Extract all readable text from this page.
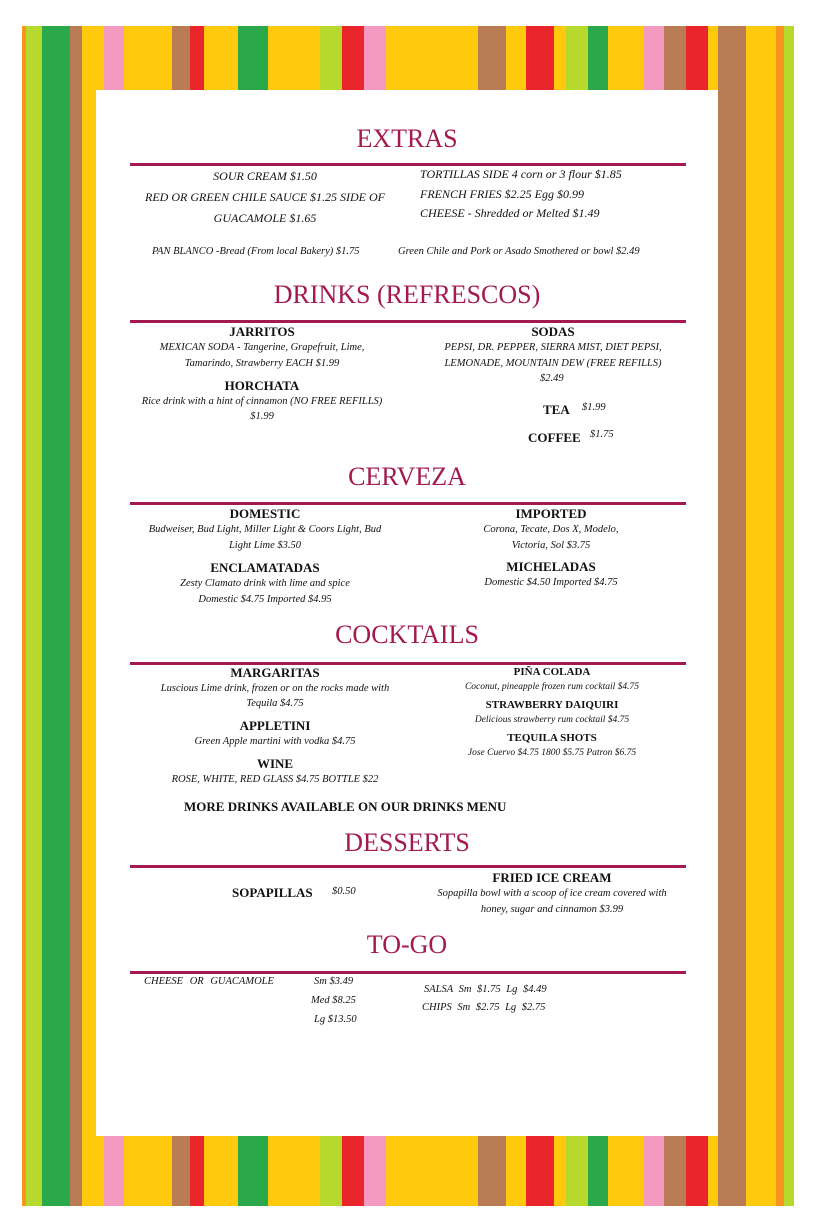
EXTRAS
SOUR CREAM $1.50
RED OR GREEN CHILE SAUCE $1.25 SIDE OF
GUACAMOLE $1.65
TORTILLAS SIDE 4 corn or 3 flour $1.85
FRENCH FRIES $2.25 Egg $0.99
CHEESE - Shredded or Melted $1.49
PAN BLANCO -Bread (From local Bakery) $1.75	Green Chile and Pork or Asado Smothered or bowl $2.49
DRINKS (REFRESCOS)
JARRITOS
MEXICAN SODA - Tangerine, Grapefruit, Lime,
Tamarindo, Strawberry EACH $1.99
HORCHATA
Rice drink with a hint of cinnamon (NO FREE REFILLS)
$1.99
SODAS
PEPSI, DR. PEPPER, SIERRA MIST, DIET PEPSI,
LEMONADE, MOUNTAIN DEW (FREE REFILLS)
$2.49
TEA $1.99
COFFEE $1.75
CERVEZA
DOMESTIC
Budweiser, Bud Light, Miller Light & Coors Light, Bud
Light Lime $3.50
ENCLAMATADAS
Zesty Clamato drink with lime and spice
Domestic $4.75 Imported $4.95
IMPORTED
Corona, Tecate, Dos X, Modelo,
Victoria, Sol $3.75
MICHELADAS
Domestic $4.50 Imported $4.75
COCKTAILS
MARGARITAS
Luscious Lime drink, frozen or on the rocks made with
Tequila $4.75
APPLETINI
Green Apple martini with vodka $4.75
WINE
ROSE, WHITE, RED GLASS $4.75 BOTTLE $22
PIÑA COLADA
Coconut, pineapple frozen rum cocktail $4.75
STRAWBERRY DAIQUIRI
Delicious strawberry rum cocktail $4.75
TEQUILA SHOTS
Jose Cuervo $4.75 1800 $5.75 Patron $6.75
MORE DRINKS AVAILABLE ON OUR DRINKS MENU
DESSERTS
SOPAPILLAS $0.50
FRIED ICE CREAM
Sopapilla bowl with a scoop of ice cream covered with
honey, sugar and cinnamon $3.99
TO-GO
CHEESE OR GUACAMOLE	Sm $3.49
Med $8.25
Lg $13.50
SALSA Sm $1.75 Lg $4.49
CHIPS Sm $2.75 Lg $2.75
